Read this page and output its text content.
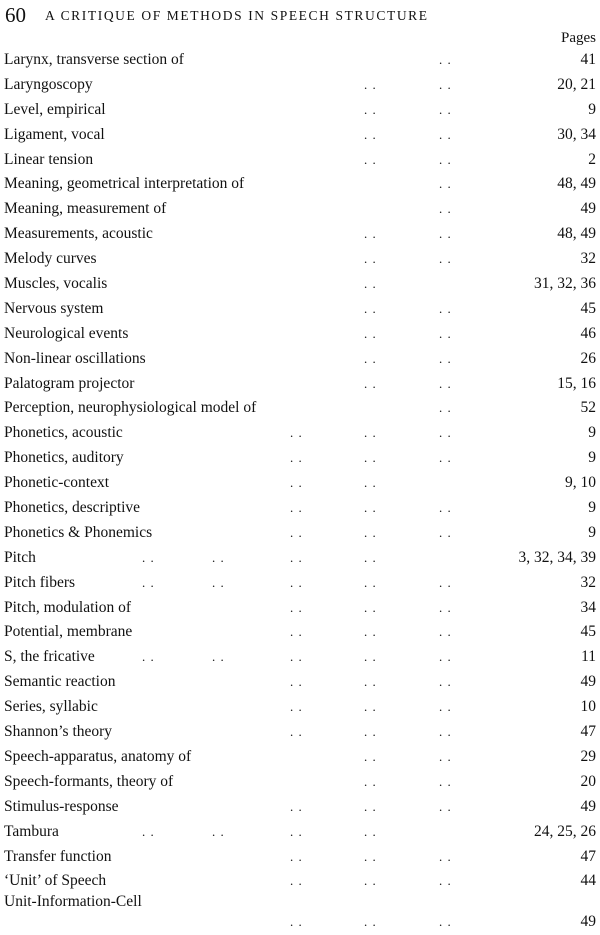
60 A CRITIQUE OF METHODS IN SPEECH STRUCTURE
Pages
. .
Larynx, transverse section of	41
. .	. .
Laryngoscopy	20, 21
. .	. .
Level, empirical	9
. .	. .
Ligament, vocal	30, 34
. .	. .
Linear tension	2
. .
Meaning, geometrical interpretation of	48, 49
. .
Meaning, measurement of	49
. .	. .
Measurements, acoustic	48, 49
. .	. .
Melody curves	32
. .
Muscles, vocalis	31, 32, 36
. .	. .
Nervous system	45
. .	. .
Neurological events	46
. .	. .
Non-linear oscillations	26
. .	. .
Palatogram projector	15, 16
. .
Perception, neurophysiological model of	52
. .	. .	. .
Phonetics, acoustic	9
. .	. .	. .
Phonetics, auditory	9
. .	. .
Phonetic-context	9, 10
. .	. .	. .
Phonetics, descriptive	9
. .	. .	. .
Phonetics & Phonemics	9
. .	. .	. .	. .
Pitch	3, 32, 34, 39
. .	. .	. .	. .	. .
Pitch fibers	32
. .	. .	. .
Pitch, modulation of	34
. .	. .	. .
Potential, membrane	45
. .	. .	. .	. .	. .
S, the fricative	11
. .	. .	. .
Semantic reaction	49
. .	. .	. .
Series, syllabic	10
. .	. .	. .
Shannon’s theory	47
. .	. .
Speech-apparatus, anatomy of	29
. .	. .
Speech-formants, theory of	20
. .	. .	. .
Stimulus-response	49
. .	. .	. .	. .
Tambura	24, 25, 26
. .	. .	. .
Transfer function	47
. .	. .	. .
‘Unit’ of Speech	44
. .	. .	. .
Unit-Information-Cell
49
